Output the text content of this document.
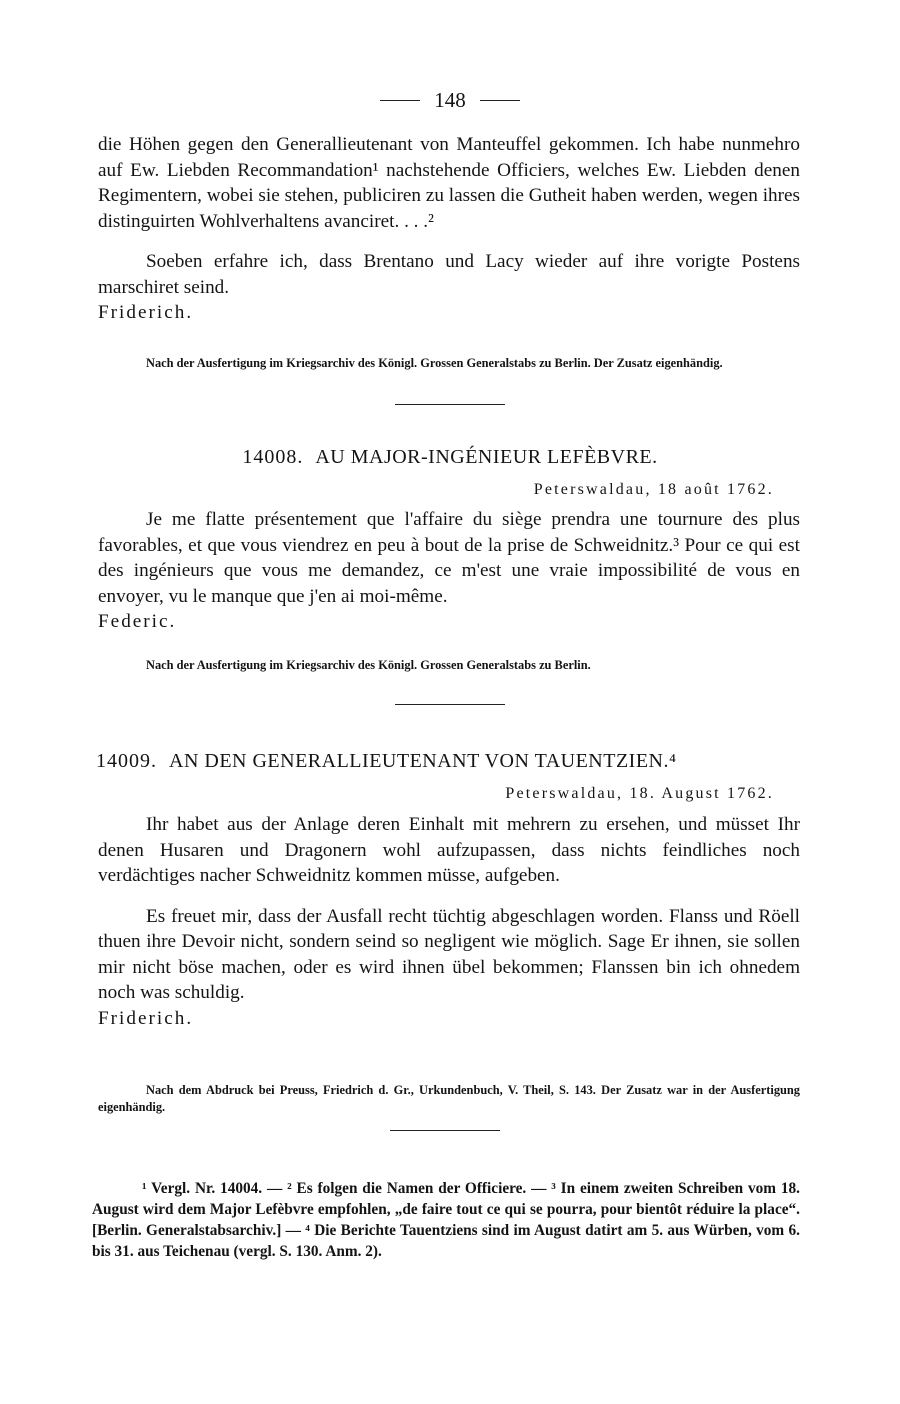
148

die Höhen gegen den Generallieutenant von Manteuffel gekommen. Ich habe nunmehro auf Ew. Liebden Recommandation¹ nachstehende Officiers, welches Ew. Liebden denen Regimentern, wobei sie stehen, publiciren zu lassen die Gutheit haben werden, wegen ihres distinguirten Wohlverhaltens avanciret. . . .²

Soeben erfahre ich, dass Brentano und Lacy wieder auf ihre vorigte Postens marschiret seind.

Friderich.

Nach der Ausfertigung im Kriegsarchiv des Königl. Grossen Generalstabs zu Berlin. Der Zusatz eigenhändig.

14008. AU MAJOR-INGÉNIEUR LEFÈBVRE.
Peterswaldau, 18 août 1762.

Je me flatte présentement que l'affaire du siège prendra une tournure des plus favorables, et que vous viendrez en peu à bout de la prise de Schweidnitz.³ Pour ce qui est des ingénieurs que vous me demandez, ce m'est une vraie impossibilité de vous en envoyer, vu le manque que j'en ai moi-même.

Federic.

Nach der Ausfertigung im Kriegsarchiv des Königl. Grossen Generalstabs zu Berlin.

14009. AN DEN GENERALLIEUTENANT VON TAUENTZIEN.⁴
Peterswaldau, 18. August 1762.

Ihr habet aus der Anlage deren Einhalt mit mehrern zu ersehen, und müsset Ihr denen Husaren und Dragonern wohl aufzupassen, dass nichts feindliches noch verdächtiges nacher Schweidnitz kommen müsse, aufgeben.

Es freuet mir, dass der Ausfall recht tüchtig abgeschlagen worden. Flanss und Röell thuen ihre Devoir nicht, sondern seind so negligent wie möglich. Sage Er ihnen, sie sollen mir nicht böse machen, oder es wird ihnen übel bekommen; Flanssen bin ich ohnedem noch was schuldig.

Friderich.

Nach dem Abdruck bei Preuss, Friedrich d. Gr., Urkundenbuch, V. Theil, S. 143. Der Zusatz war in der Ausfertigung eigenhändig.

¹ Vergl. Nr. 14004. — ² Es folgen die Namen der Officiere. — ³ In einem zweiten Schreiben vom 18. August wird dem Major Lefèbvre empfohlen, „de faire tout ce qui se pourra, pour bientôt réduire la place“. [Berlin. Generalstabsarchiv.] — ⁴ Die Berichte Tauentziens sind im August datirt am 5. aus Würben, vom 6. bis 31. aus Teichenau (vergl. S. 130. Anm. 2).
